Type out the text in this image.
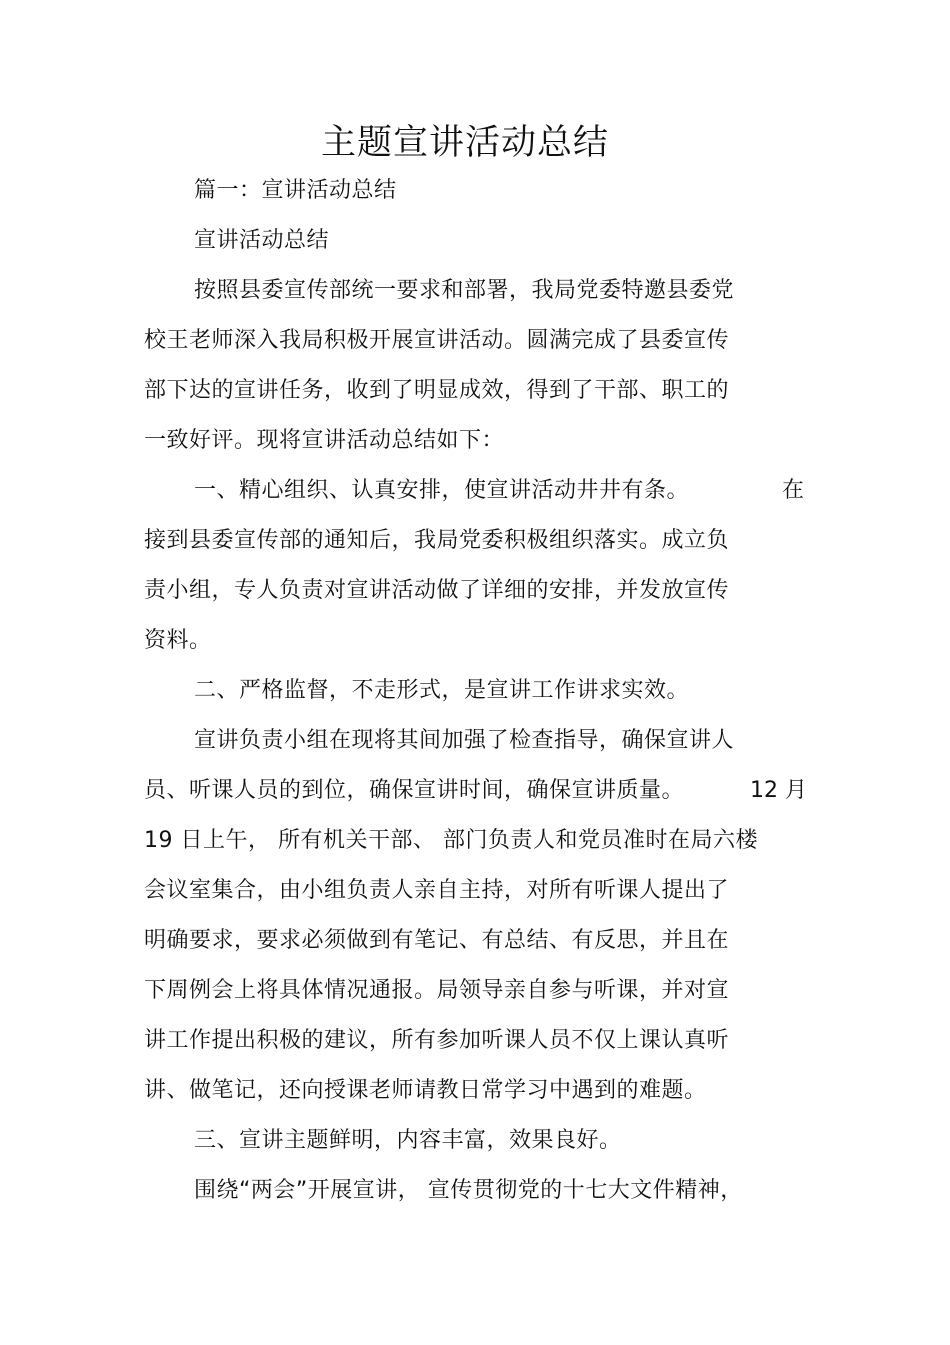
主题宣讲活动总结
篇一：宣讲活动总结
宣讲活动总结
按照县委宣传部统一要求和部署，我局党委特邀县委党
校王老师深入我局积极开展宣讲活动。圆满完成了县委宣传
部下达的宣讲任务，收到了明显成效，得到了干部、职工的
一致好评。现将宣讲活动总结如下：
一、精心组织、认真安排，使宣讲活动井井有条。	在
接到县委宣传部的通知后，我局党委积极组织落实。成立负
责小组，专人负责对宣讲活动做了详细的安排，并发放宣传
资料。
二、严格监督，不走形式，是宣讲工作讲求实效。
宣讲负责小组在现将其间加强了检查指导，确保宣讲人
员、听课人员的到位，确保宣讲时间，确保宣讲质量。	12 月
19 日上午， 所有机关干部、 部门负责人和党员准时在局六楼
会议室集合，由小组负责人亲自主持，对所有听课人提出了
明确要求，要求必须做到有笔记、有总结、有反思，并且在
下周例会上将具体情况通报。局领导亲自参与听课，并对宣
讲工作提出积极的建议，所有参加听课人员不仅上课认真听
讲、做笔记，还向授课老师请教日常学习中遇到的难题。
三、宣讲主题鲜明，内容丰富，效果良好。
围绕“两会”开展宣讲， 宣传贯彻党的十七大文件精神，
